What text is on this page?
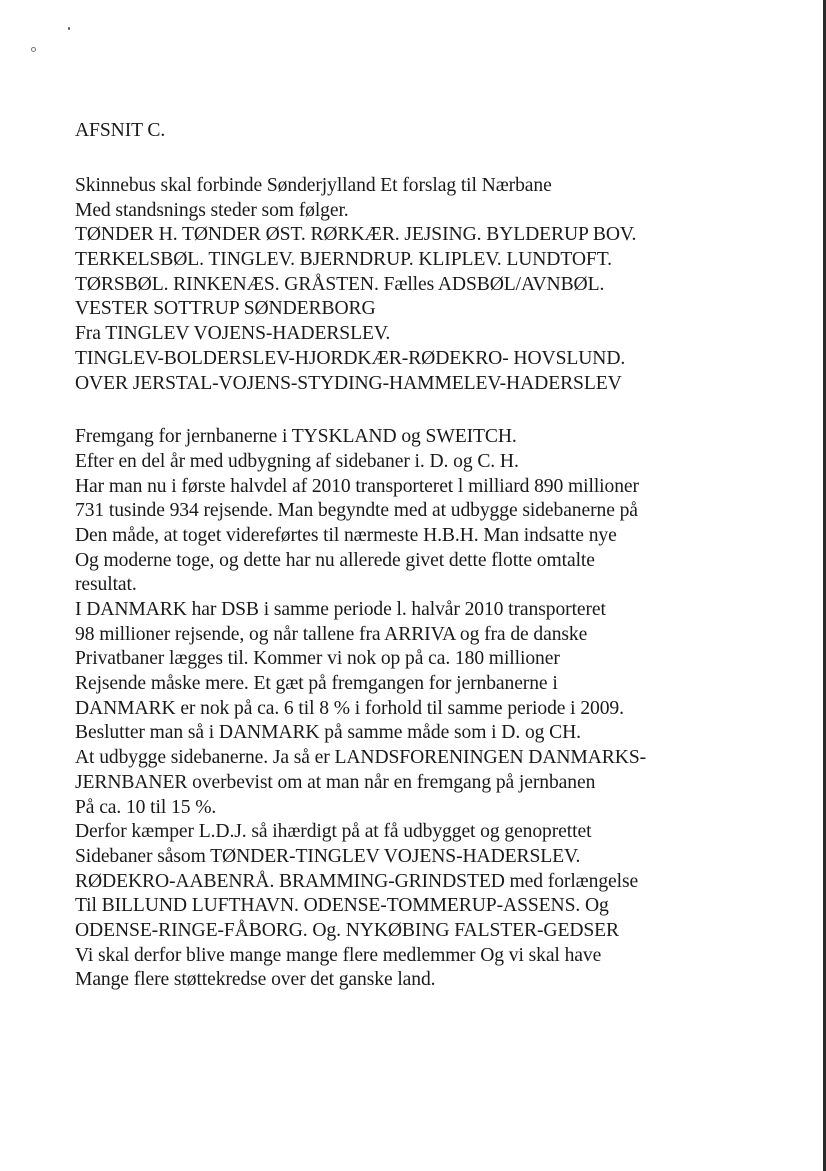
AFSNIT C.
Skinnebus skal forbinde Sønderjylland Et forslag til Nærbane
Med standsnings steder som følger.
TØNDER H. TØNDER ØST. RØRKÆR. JEJSING. BYLDERUP BOV.
TERKELSBØL. TINGLEV. BJERNDRUP. KLIPLEV. LUNDTOFT.
TØRSBØL. RINKENÆS. GRÅSTEN. Fælles ADSBØL/AVNBØL.
VESTER SOTTRUP SØNDERBORG
Fra TINGLEV VOJENS-HADERSLEV.
TINGLEV-BOLDERSLEV-HJORDKÆR-RØDEKRO- HOVSLUND.
OVER JERSTAL-VOJENS-STYDING-HAMMELEV-HADERSLEV
Fremgang for jernbanerne i TYSKLAND og SWEITCH.
Efter en del år med udbygning af sidebaner i. D. og C. H.
Har man nu i første halvdel af 2010 transporteret l milliard 890 millioner
731 tusinde 934 rejsende. Man begyndte med at udbygge sidebanerne på
Den måde, at toget videreførtes til nærmeste H.B.H. Man indsatte nye
Og moderne toge, og dette har nu allerede givet dette flotte omtalte
resultat.
I DANMARK har DSB i samme periode l. halvår 2010 transporteret
98 millioner rejsende, og når tallene fra ARRIVA og fra de danske
Privatbaner lægges til. Kommer vi nok op på ca. 180 millioner
Rejsende måske mere. Et gæt på fremgangen for jernbanerne i
DANMARK er nok på ca. 6 til 8 % i forhold til samme periode i 2009.
Beslutter man så i DANMARK på samme måde som i D. og CH.
At udbygge sidebanerne. Ja så er LANDSFORENINGEN DANMARKS-
JERNBANER overbevist om at man når en fremgang på jernbanen
På ca. 10 til 15 %.
Derfor kæmper L.D.J. så ihærdigt på at få udbygget og genoprettet
Sidebaner såsom TØNDER-TINGLEV VOJENS-HADERSLEV.
RØDEKRO-AABENRÅ. BRAMMING-GRINDSTED med forlængelse
Til BILLUND LUFTHAVN. ODENSE-TOMMERUP-ASSENS. Og
ODENSE-RINGE-FÅBORG. Og. NYKØBING FALSTER-GEDSER
Vi skal derfor blive mange mange flere medlemmer Og vi skal have
Mange flere støttekredse over det ganske land.
